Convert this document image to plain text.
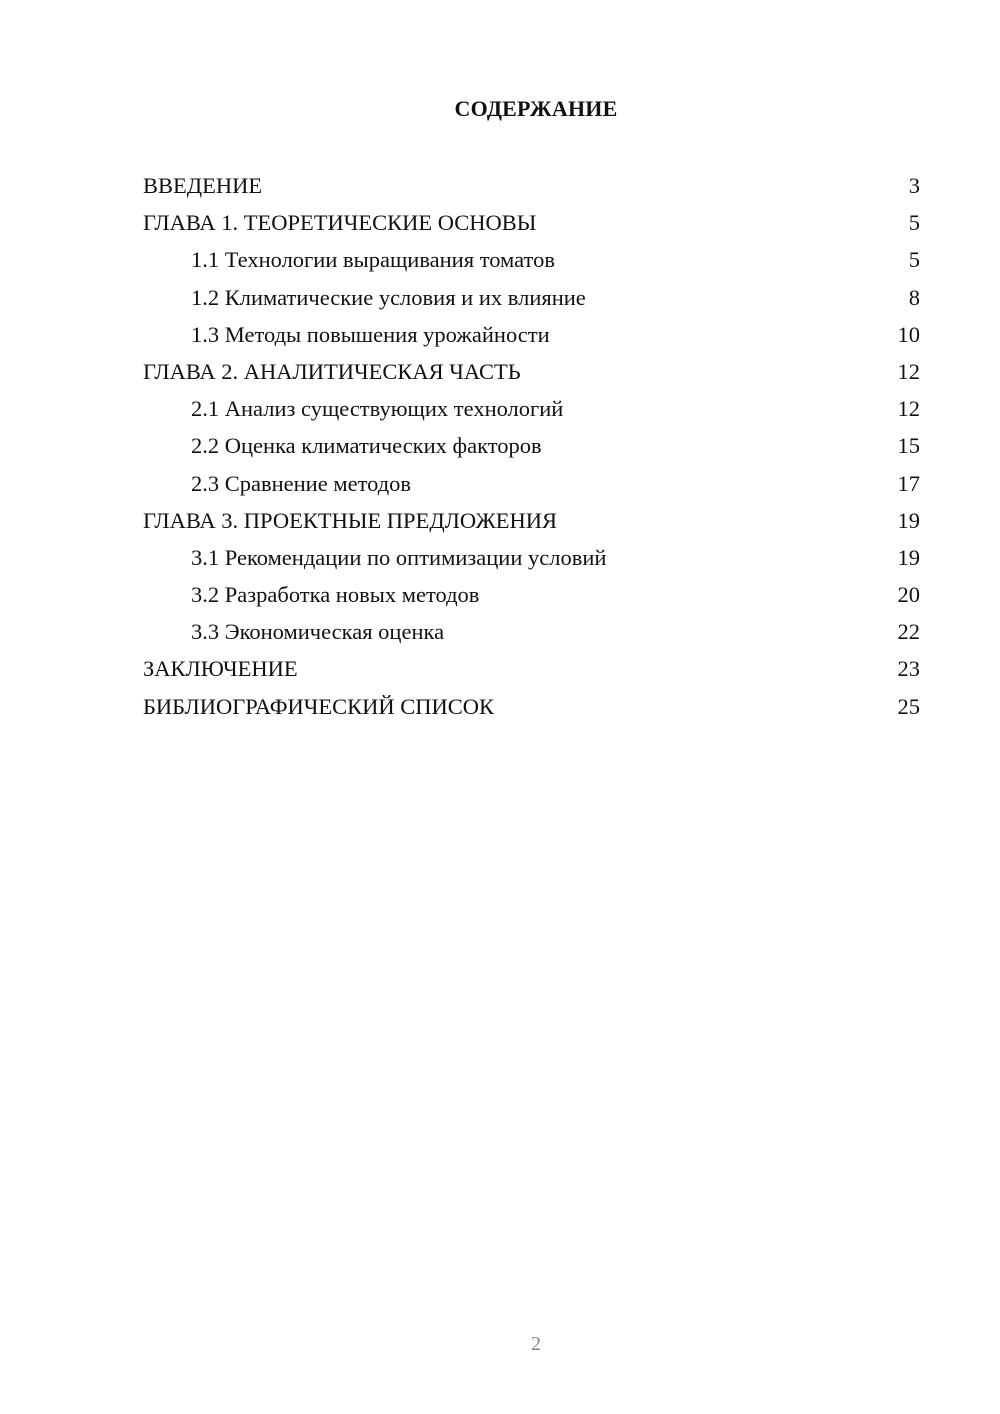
СОДЕРЖАНИЕ
ВВЕДЕНИЕ	3
ГЛАВА 1. ТЕОРЕТИЧЕСКИЕ ОСНОВЫ	5
1.1 Технологии выращивания томатов	5
1.2 Климатические условия и их влияние	8
1.3 Методы повышения урожайности	10
ГЛАВА 2. АНАЛИТИЧЕСКАЯ ЧАСТЬ	12
2.1 Анализ существующих технологий	12
2.2 Оценка климатических факторов	15
2.3 Сравнение методов	17
ГЛАВА 3. ПРОЕКТНЫЕ ПРЕДЛОЖЕНИЯ	19
3.1 Рекомендации по оптимизации условий	19
3.2 Разработка новых методов	20
3.3 Экономическая оценка	22
ЗАКЛЮЧЕНИЕ	23
БИБЛИОГРАФИЧЕСКИЙ СПИСОК	25
2
